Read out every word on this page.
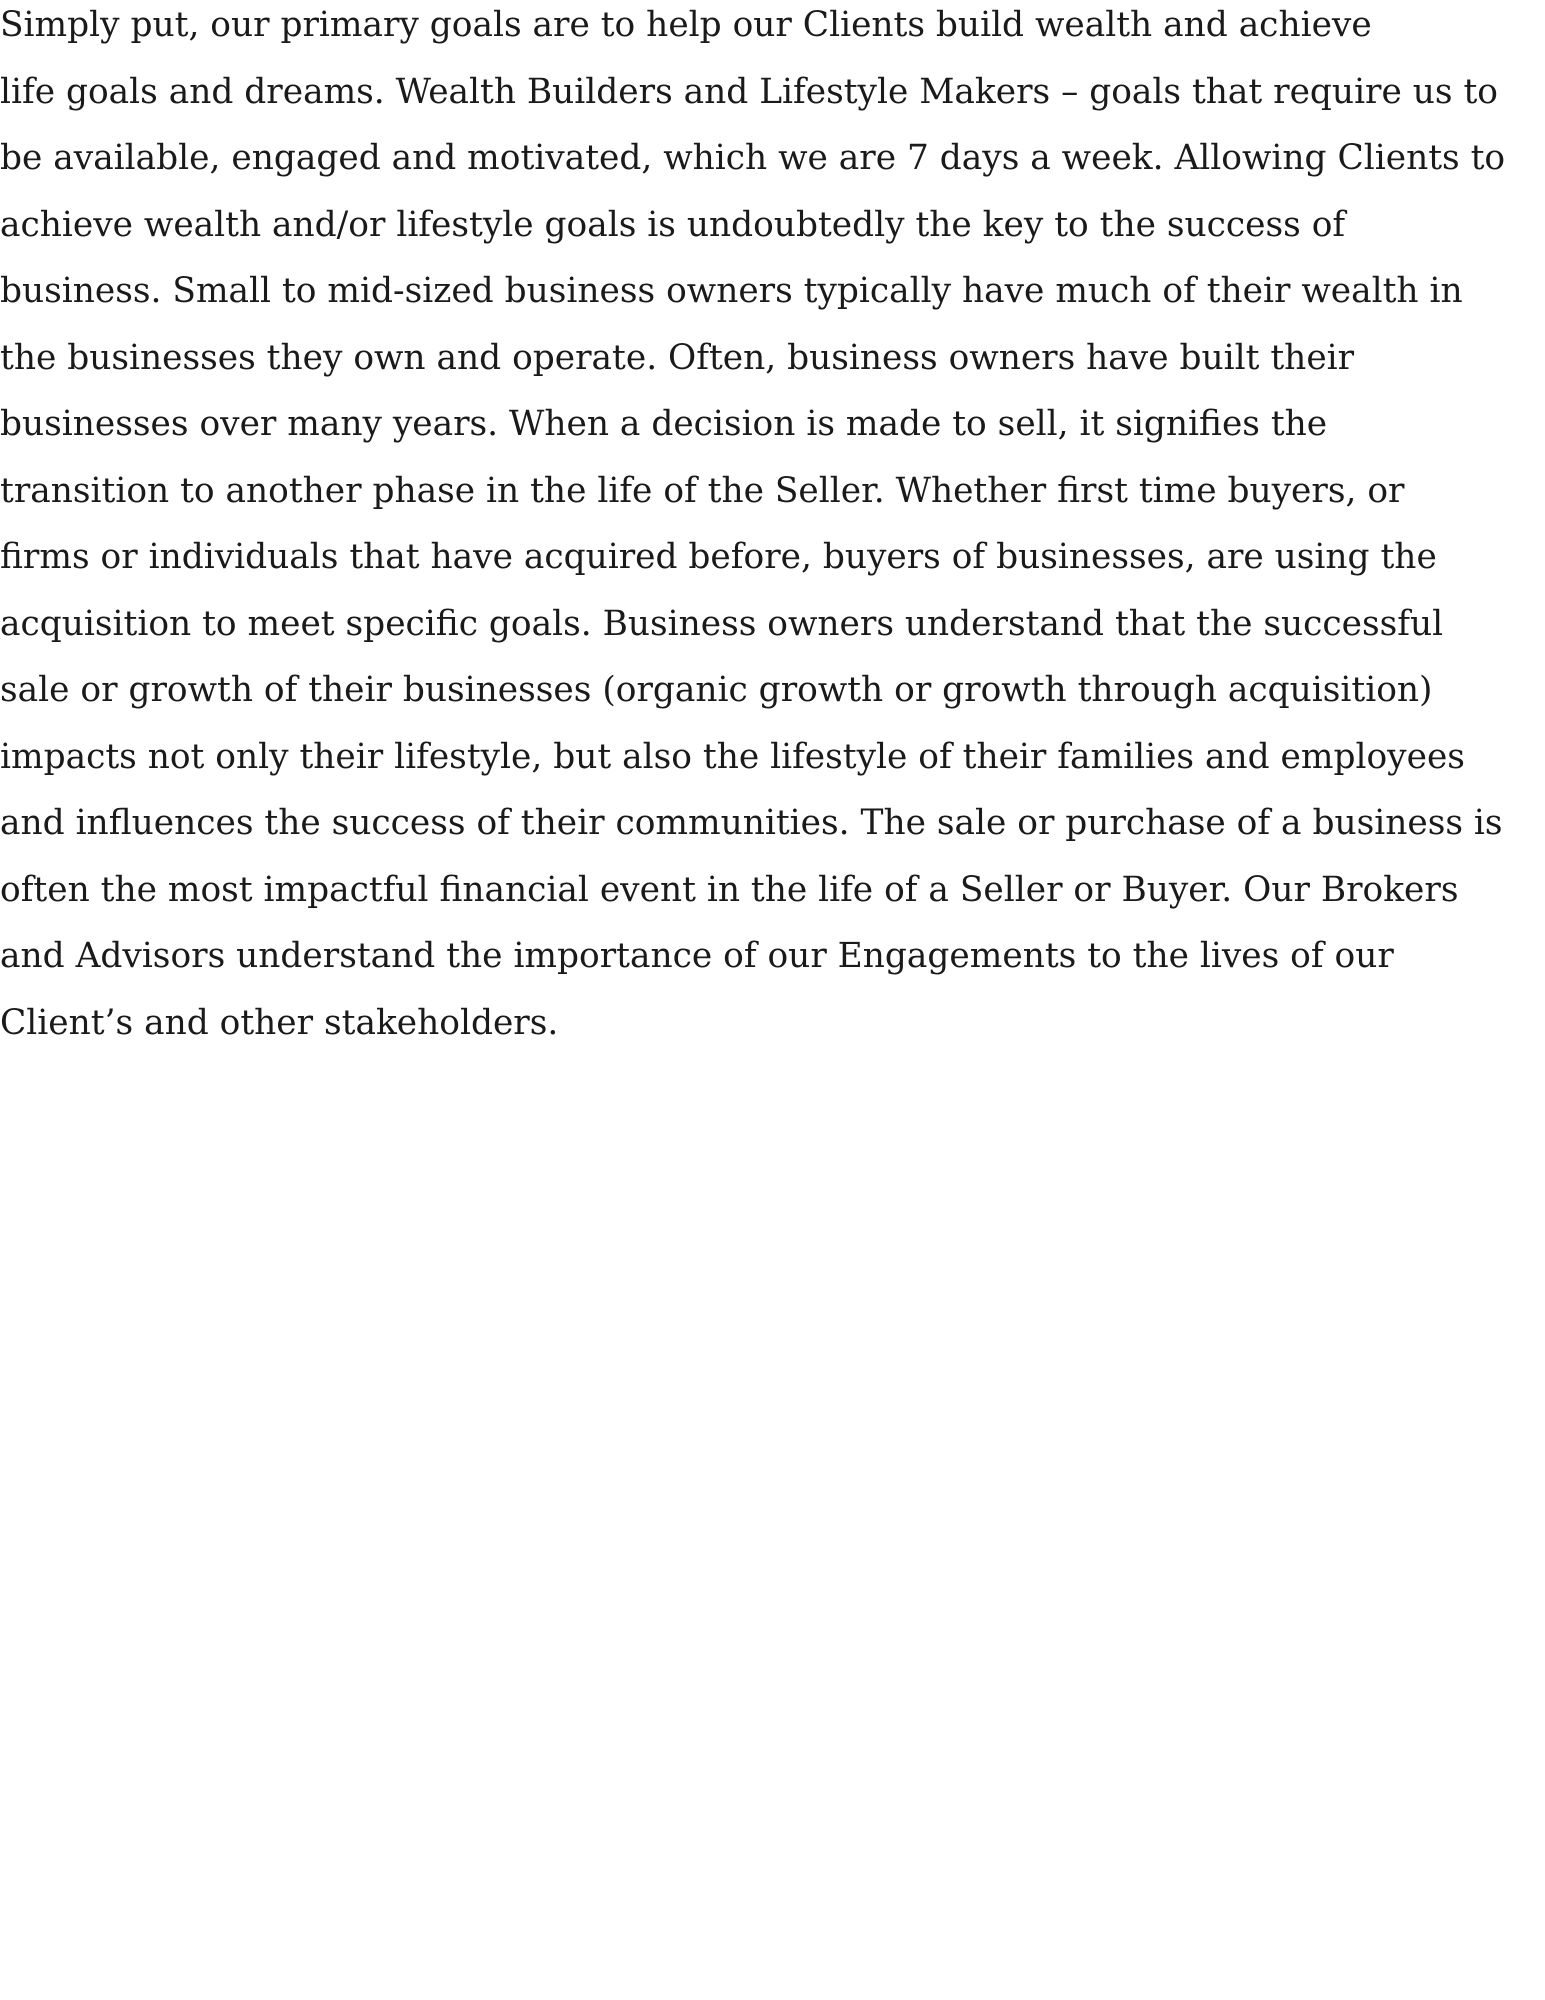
Simply put, our primary goals are to help our Clients build wealth and achieve
life goals and dreams. Wealth Builders and Lifestyle Makers – goals that require us to
be available, engaged and motivated, which we are 7 days a week. Allowing Clients to
achieve wealth and/or lifestyle goals is undoubtedly the key to the success of
business. Small to mid-sized business owners typically have much of their wealth in
the businesses they own and operate. Often, business owners have built their
businesses over many years. When a decision is made to sell, it signifies the
transition to another phase in the life of the Seller. Whether first time buyers, or
firms or individuals that have acquired before, buyers of businesses, are using the
acquisition to meet specific goals. Business owners understand that the successful
sale or growth of their businesses (organic growth or growth through acquisition)
impacts not only their lifestyle, but also the lifestyle of their families and employees
and influences the success of their communities. The sale or purchase of a business is
often the most impactful financial event in the life of a Seller or Buyer. Our Brokers
and Advisors understand the importance of our Engagements to the lives of our
Client’s and other stakeholders.
